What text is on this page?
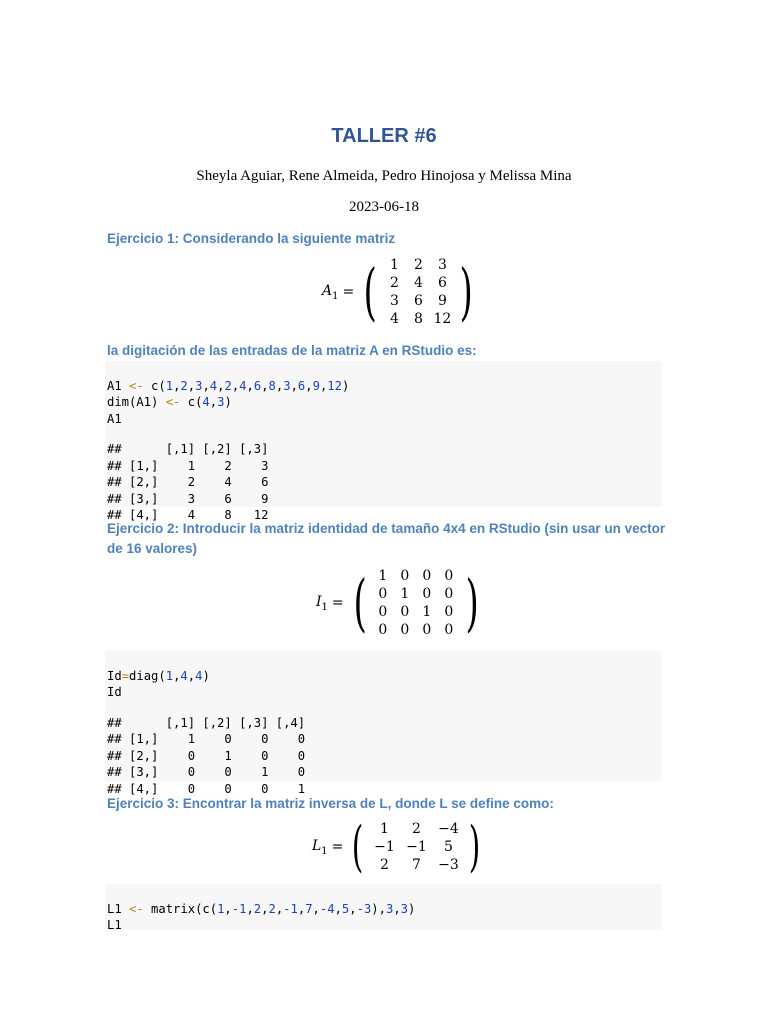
TALLER #6
Sheyla Aguiar, Rene Almeida, Pedro Hinojosa y Melissa Mina
2023-06-18
Ejercicio 1: Considerando la siguiente matriz
$A_1$ = ( 1	2	3
2	4	6
3	6	9
4	8	12 )
la digitación de las entradas de la matriz A en RStudio es:

A1 <- c(1,2,3,4,2,4,6,8,3,6,9,12)
dim(A1) <- c(4,3)
A1
##      [,1] [,2] [,3]
## [1,]    1    2    3
## [2,]    2    4    6
## [3,]    3    6    9
## [4,]    4    8   12

Ejercicio 2: Introducir la matriz identidad de tamaño 4x4 en RStudio (sin usar un vector de 16 valores)
$I_1$ = ( 1	0	0	0
0	1	0	0
0	0	1	0
0	0	0	0 )

Id=diag(1,4,4)
Id
##      [,1] [,2] [,3] [,4]
## [1,]    1    0    0    0
## [2,]    0    1    0    0
## [3,]    0    0    1    0
## [4,]    0    0    0    1

Ejercicio 3: Encontrar la matriz inversa de L, donde L se define como:
$L_1$ = ( 1	2	−4
−1	−1	5
2	7	−3 )

L1 <- matrix(c(1,-1,2,2,-1,7,-4,5,-3),3,3)
L1
